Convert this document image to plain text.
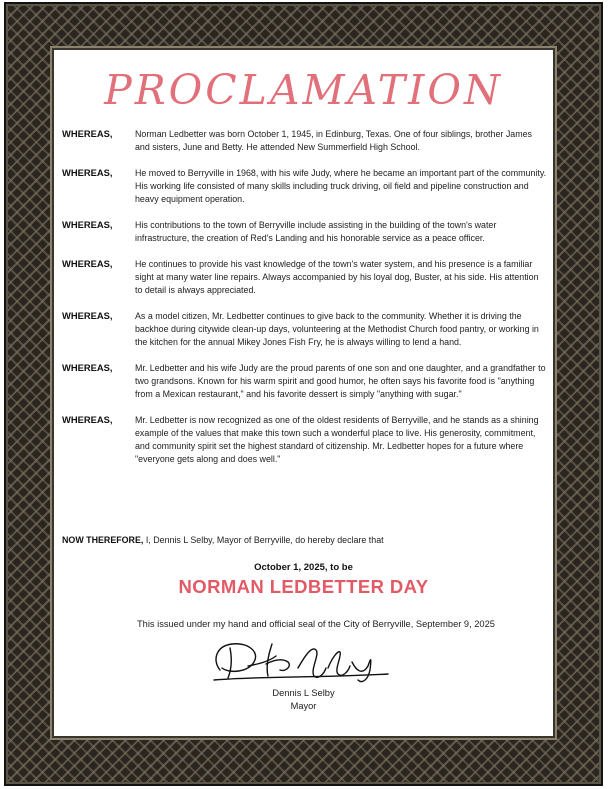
PROCLAMATION
WHEREAS,	Norman Ledbetter was born October 1, 1945, in Edinburg, Texas. One of four siblings, brother James and sisters, June and Betty. He attended New Summerfield High School.
WHEREAS,	He moved to Berryville in 1968, with his wife Judy, where he became an important part of the community. His working life consisted of many skills including truck driving, oil field and pipeline construction and heavy equipment operation.
WHEREAS,	His contributions to the town of Berryville include assisting in the building of the town's water infrastructure, the creation of Red's Landing and his honorable service as a peace officer.
WHEREAS,	He continues to provide his vast knowledge of the town's water system, and his presence is a familiar sight at many water line repairs. Always accompanied by his loyal dog, Buster, at his side. His attention to detail is always appreciated.
WHEREAS,	As a model citizen, Mr. Ledbetter continues to give back to the community. Whether it is driving the backhoe during citywide clean-up days, volunteering at the Methodist Church food pantry, or working in the kitchen for the annual Mikey Jones Fish Fry, he is always willing to lend a hand.
WHEREAS,	Mr. Ledbetter and his wife Judy are the proud parents of one son and one daughter, and a grandfather to two grandsons. Known for his warm spirit and good humor, he often says his favorite food is "anything from a Mexican restaurant," and his favorite dessert is simply "anything with sugar."
WHEREAS,	Mr. Ledbetter is now recognized as one of the oldest residents of Berryville, and he stands as a shining example of the values that make this town such a wonderful place to live. His generosity, commitment, and community spirit set the highest standard of citizenship. Mr. Ledbetter hopes for a future where "everyone gets along and does well."
NOW THEREFORE, I, Dennis L Selby, Mayor of Berryville, do hereby declare that
October 1, 2025, to be
NORMAN LEDBETTER DAY
This issued under my hand and official seal of the City of Berryville, September 9, 2025
Dennis L Selby
Mayor
